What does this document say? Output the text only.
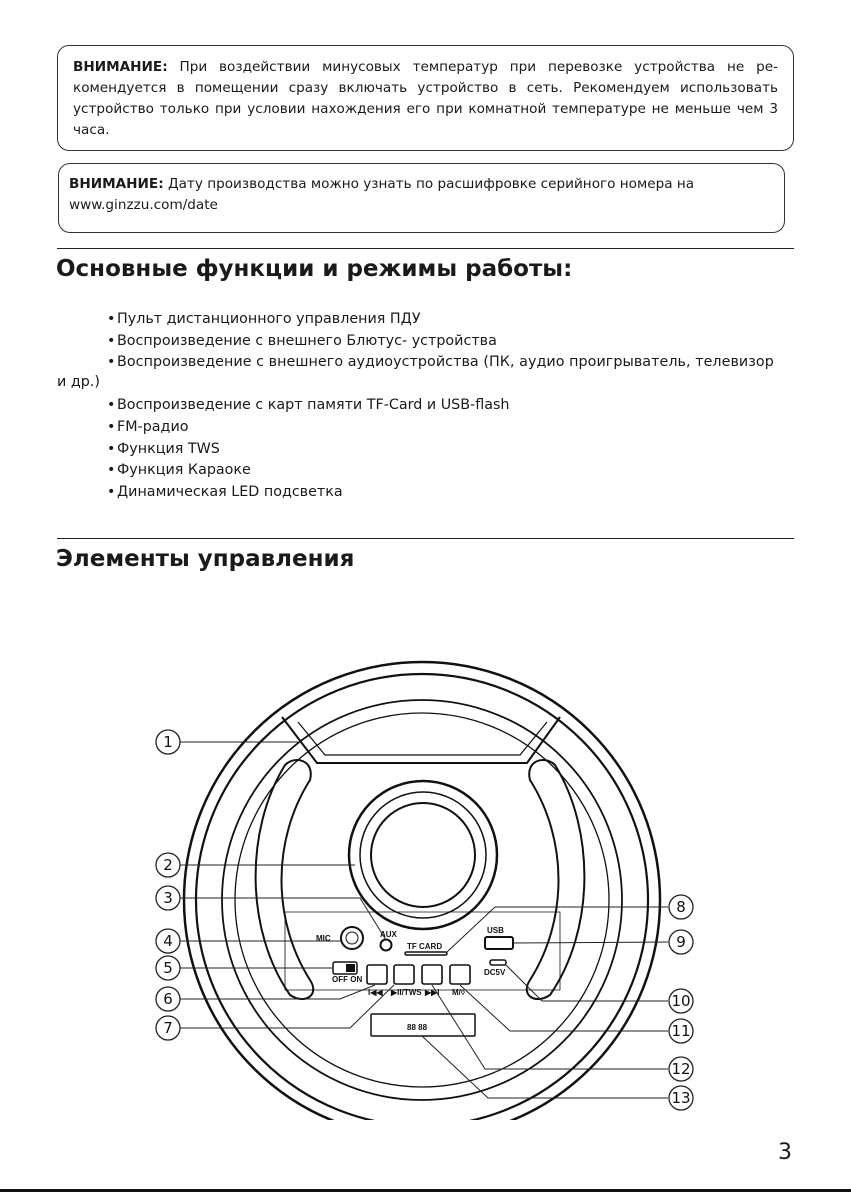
ВНИМАНИЕ: При воздействии минусовых температур при перевозке устройства не ре-комендуется в помещении сразу включать устройство в сеть. Рекомендуем использовать устройство только при условии нахождения его при комнатной температуре не меньше чем 3 часа.
ВНИМАНИЕ: Дату производства можно узнать по расшифровке серийного номера на www.ginzzu.com/date
Основные функции и режимы работы:
• Пульт дистанционного управления ПДУ
• Воспроизведение с внешнего Блютус- устройства
• Воспроизведение с внешнего аудиоустройства (ПК, аудио проигрыватель, телевизор
• Воспроизведение с карт памяти TF-Card и USB-flash
• FM-радио
• Функция TWS
• Функция Караоке
• Динамическая LED подсветка
и др.)
Элементы управления
MIC	AUX
TF CARD
USB
DC5V
OFF ON
I◀◀ ▶II/TWS ▶▶I M/◊
88 88
1
2
3
4
5
6
7
8
9
10
11
12
13
3
